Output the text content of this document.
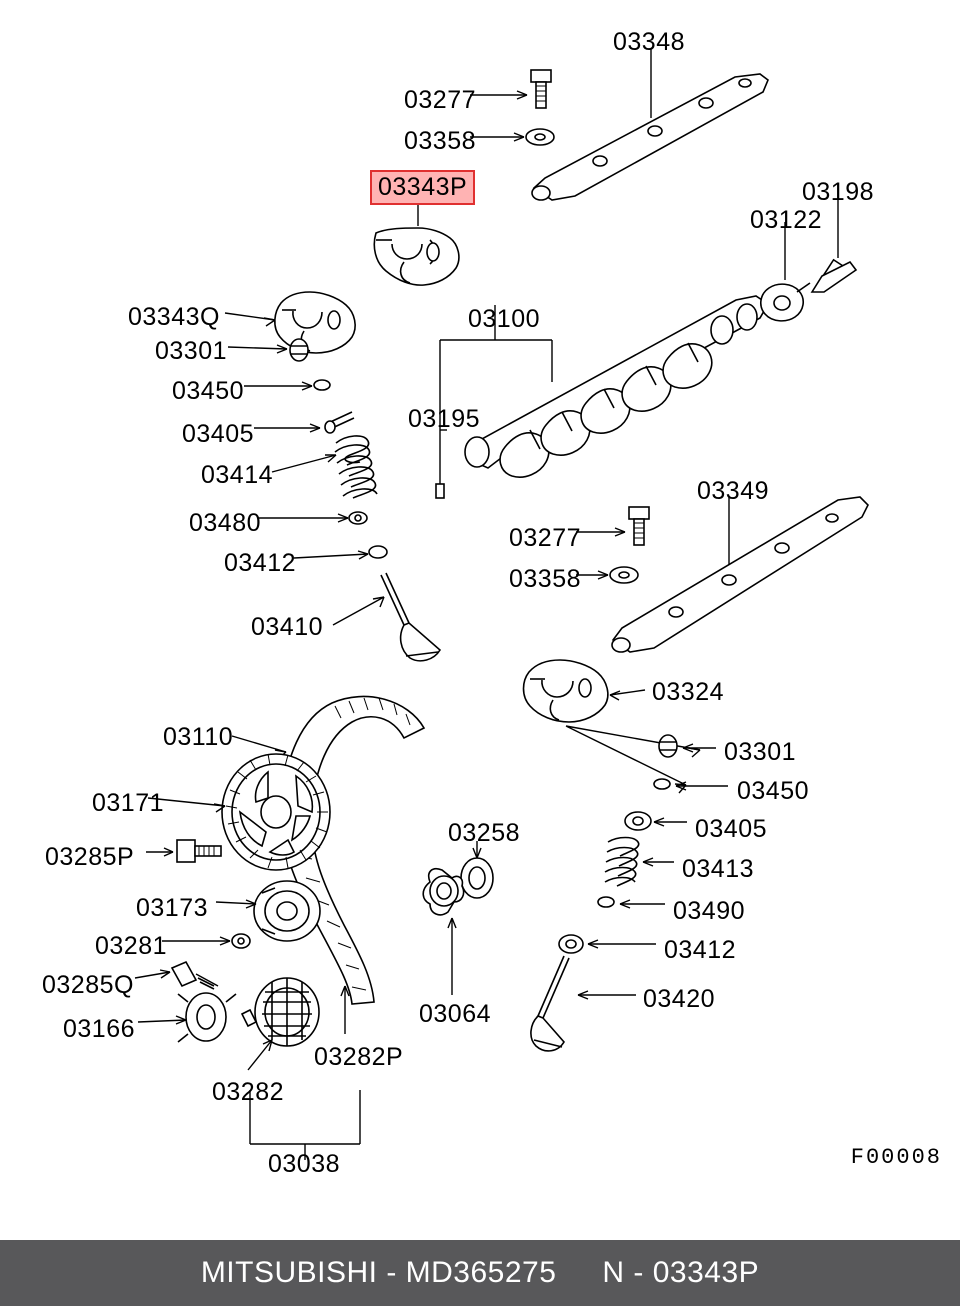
03348
03277
03358
03343P	03198
03122
03343Q	03100
03301
03450
03195
03405
03414
03349
03480
03277
03412
03358
03410
03324
03110
03301
03450
03171
03258	03405
03285P	03413
03173	03490
03281	03412
03285Q
03064
03420
03166
03282P
03282
03038	F00008
MITSUBISHI - MD365275 N - 03343P
